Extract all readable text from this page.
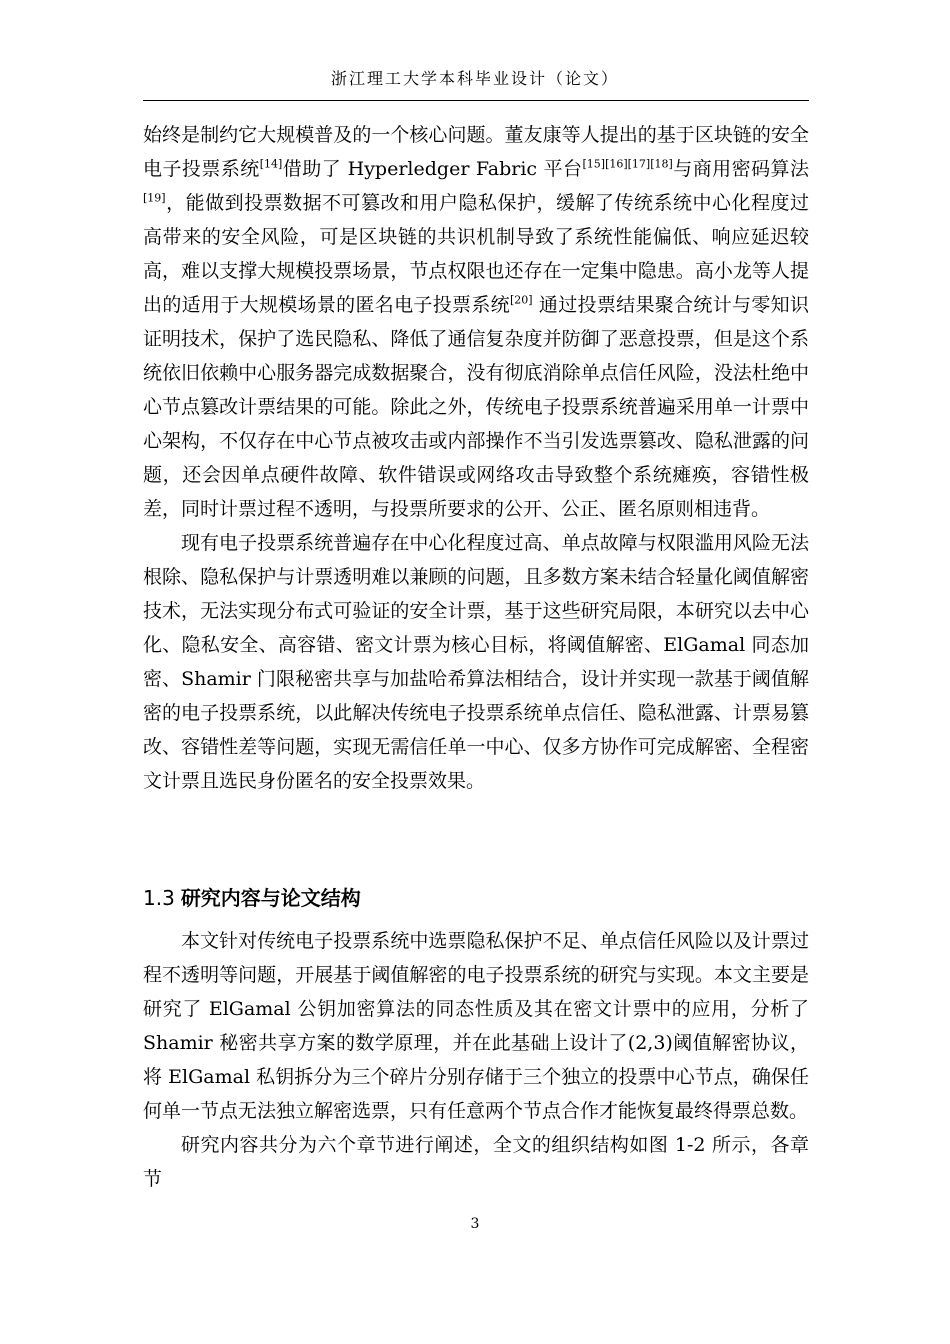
浙江理工大学本科毕业设计（论文）

始终是制约它大规模普及的一个核心问题。董友康等人提出的基于区块链的安全电子投票系统[14]借助了 Hyperledger Fabric 平台[15][16][17][18]与商用密码算法[19]，能做到投票数据不可篡改和用户隐私保护，缓解了传统系统中心化程度过高带来的安全风险，可是区块链的共识机制导致了系统性能偏低、响应延迟较高，难以支撑大规模投票场景，节点权限也还存在一定集中隐患。高小龙等人提出的适用于大规模场景的匿名电子投票系统[20] 通过投票结果聚合统计与零知识证明技术，保护了选民隐私、降低了通信复杂度并防御了恶意投票，但是这个系统依旧依赖中心服务器完成数据聚合，没有彻底消除单点信任风险，没法杜绝中心节点篡改计票结果的可能。除此之外，传统电子投票系统普遍采用单一计票中心架构，不仅存在中心节点被攻击或内部操作不当引发选票篡改、隐私泄露的问题，还会因单点硬件故障、软件错误或网络攻击导致整个系统瘫痪，容错性极差，同时计票过程不透明，与投票所要求的公开、公正、匿名原则相违背。

现有电子投票系统普遍存在中心化程度过高、单点故障与权限滥用风险无法根除、隐私保护与计票透明难以兼顾的问题，且多数方案未结合轻量化阈值解密技术，无法实现分布式可验证的安全计票，基于这些研究局限，本研究以去中心化、隐私安全、高容错、密文计票为核心目标，将阈值解密、ElGamal 同态加密、Shamir 门限秘密共享与加盐哈希算法相结合，设计并实现一款基于阈值解密的电子投票系统，以此解决传统电子投票系统单点信任、隐私泄露、计票易篡改、容错性差等问题，实现无需信任单一中心、仅多方协作可完成解密、全程密文计票且选民身份匿名的安全投票效果。

1.3 研究内容与论文结构

本文针对传统电子投票系统中选票隐私保护不足、单点信任风险以及计票过程不透明等问题，开展基于阈值解密的电子投票系统的研究与实现。本文主要是研究了 ElGamal 公钥加密算法的同态性质及其在密文计票中的应用，分析了 Shamir 秘密共享方案的数学原理，并在此基础上设计了(2,3)阈值解密协议，将 ElGamal 私钥拆分为三个碎片分别存储于三个独立的投票中心节点，确保任何单一节点无法独立解密选票，只有任意两个节点合作才能恢复最终得票总数。

研究内容共分为六个章节进行阐述，全文的组织结构如图 1-2 所示，各章节

3
